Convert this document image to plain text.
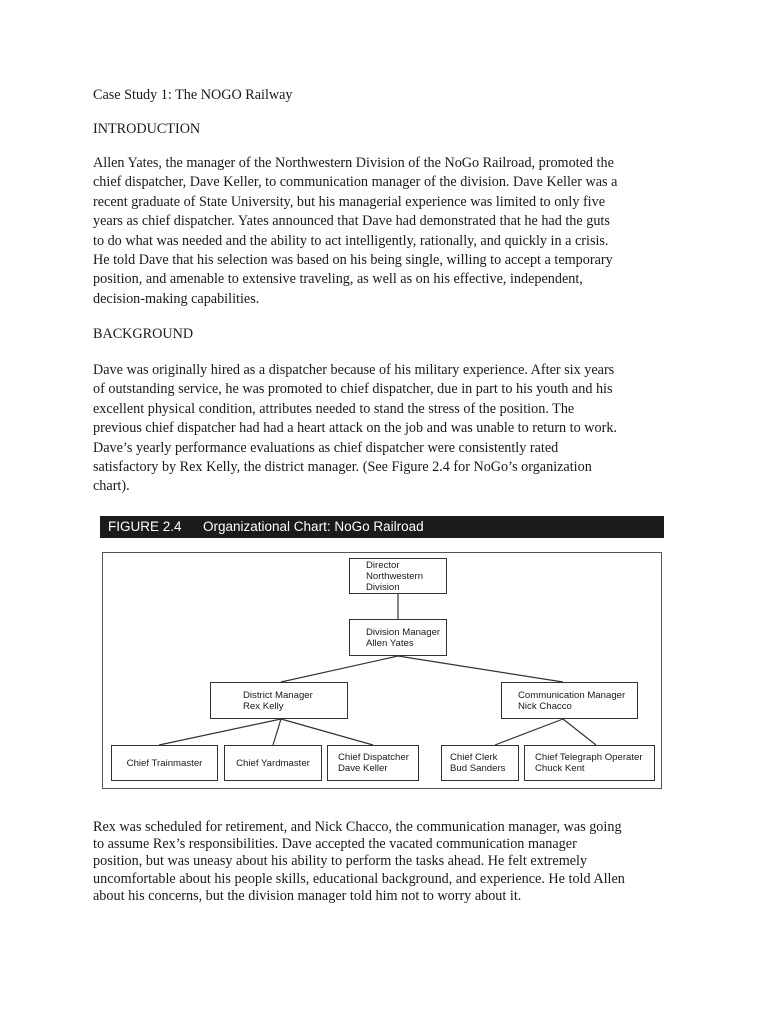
Case Study 1: The NOGO Railway

INTRODUCTION

Allen Yates, the manager of the Northwestern Division of the NoGo Railroad, promoted the
chief dispatcher, Dave Keller, to communication manager of the division. Dave Keller was a
recent graduate of State University, but his managerial experience was limited to only five
years as chief dispatcher. Yates announced that Dave had demonstrated that he had the guts
to do what was needed and the ability to act intelligently, rationally, and quickly in a crisis.
He told Dave that his selection was based on his being single, willing to accept a temporary
position, and amenable to extensive traveling, as well as on his effective, independent,
decision-making capabilities.

BACKGROUND

Dave was originally hired as a dispatcher because of his military experience. After six years
of outstanding service, he was promoted to chief dispatcher, due in part to his youth and his
excellent physical condition, attributes needed to stand the stress of the position. The
previous chief dispatcher had had a heart attack on the job and was unable to return to work.
Dave’s yearly performance evaluations as chief dispatcher were consistently rated
satisfactory by Rex Kelly, the district manager. (See Figure 2.4 for NoGo’s organization
chart).
FIGURE 2.4 Organizational Chart: NoGo Railroad
Director
Northwestern Division
Division Manager
Allen Yates
District Manager
Rex Kelly
Communication Manager
Nick Chacco
Chief Trainmaster	Chief Yardmaster	Chief Dispatcher
Dave Keller
Chief Clerk
Bud Sanders
Chief Telegraph Operater
Chuck Kent
Rex was scheduled for retirement, and Nick Chacco, the communication manager, was going
to assume Rex’s responsibilities. Dave accepted the vacated communication manager
position, but was uneasy about his ability to perform the tasks ahead. He felt extremely
uncomfortable about his people skills, educational background, and experience. He told Allen
about his concerns, but the division manager told him not to worry about it.
